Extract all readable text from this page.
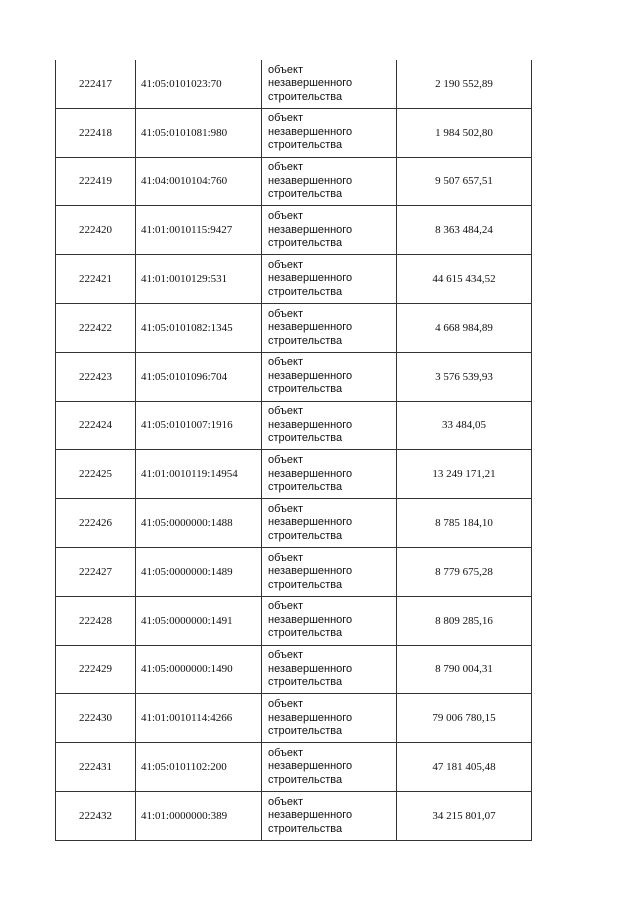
222417	41:05:0101023:70	объект
незавершенного
строительства	2 190 552,89
222418	41:05:0101081:980	объект
незавершенного
строительства	1 984 502,80
222419	41:04:0010104:760	объект
незавершенного
строительства	9 507 657,51
222420	41:01:0010115:9427	объект
незавершенного
строительства	8 363 484,24
222421	41:01:0010129:531	объект
незавершенного
строительства	44 615 434,52
222422	41:05:0101082:1345	объект
незавершенного
строительства	4 668 984,89
222423	41:05:0101096:704	объект
незавершенного
строительства	3 576 539,93
222424	41:05:0101007:1916	объект
незавершенного
строительства	33 484,05
222425	41:01:0010119:14954	объект
незавершенного
строительства	13 249 171,21
222426	41:05:0000000:1488	объект
незавершенного
строительства	8 785 184,10
222427	41:05:0000000:1489	объект
незавершенного
строительства	8 779 675,28
222428	41:05:0000000:1491	объект
незавершенного
строительства	8 809 285,16
222429	41:05:0000000:1490	объект
незавершенного
строительства	8 790 004,31
222430	41:01:0010114:4266	объект
незавершенного
строительства	79 006 780,15
222431	41:05:0101102:200	объект
незавершенного
строительства	47 181 405,48
222432	41:01:0000000:389	объект
незавершенного
строительства	34 215 801,07
